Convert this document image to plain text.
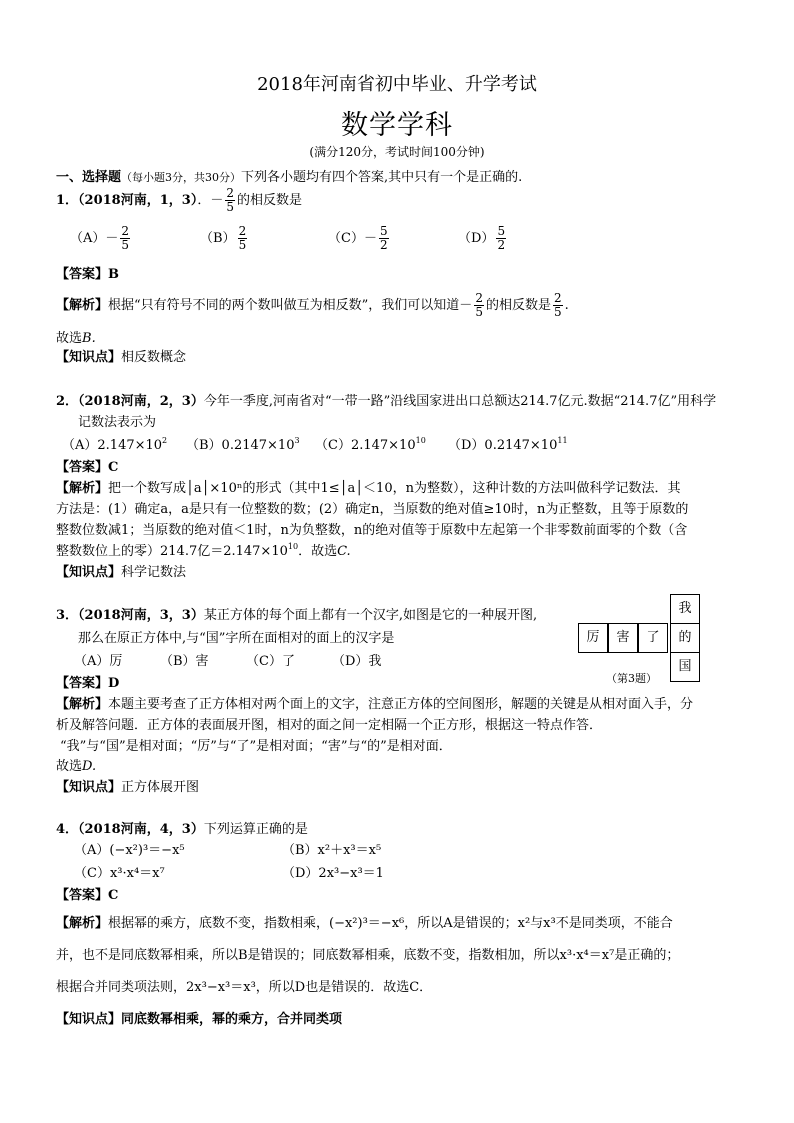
2018年河南省初中毕业、升学考试
数学学科
(满分120分，考试时间100分钟)
一、选择题（每小题3分，共30分）下列各小题均有四个答案,其中只有一个是正确的.
1．（2018河南，1，3）．－ $\frac{2}{5}$ 的相反数是
$(A)- \frac{2}{5}$	$(B) \frac{2}{5}$	$(C)- \frac{5}{2}$	$(D) \frac{5}{2}$
【答案】B
【解析】根据“只有符号不同的两个数叫做互为相反数”，我们可以知道－ $\frac{2}{5}$ 的相反数是 $\frac{2}{5}$ .
故选B.
【知识点】相反数概念
2．（2018河南，2，3）今年一季度,河南省对“一带一路”沿线国家进出口总额达214.7亿元.数据“214.7亿”用科学
记数法表示为
$(A)2.147\times 10^2$ $(B)0.2147\times 10^3$ $(C)2.147\times 10^{10}$ $(D)0.2147\times 10^{11}$
【答案】C
【解析】把一个数写成│a│×10ⁿ的形式（其中1≤│a│＜10，n为整数），这种计数的方法叫做科学记数法．其
方法是：(1）确定a，a是只有一位整数的数；(2）确定n，当原数的绝对值≥10时，n为正整数，且等于原数的
整数位数减1；当原数的绝对值＜1时，n为负整数，n的绝对值等于原数中左起第一个非零数前面零的个数（含
整数数位上的零）214.7亿$=2.147\times 10^{10}$．故选C.
【知识点】科学记数法
3．（2018河南，3，3）某正方体的每个面上都有一个汉字,如图是它的一种展开图,
那么在原正方体中,与“国”字所在面相对的面上的汉字是
（A）厉	（B）害	（C）了	（D）我
我
厉	害	了	的
国
（第3题）
【答案】D
【解析】本题主要考查了正方体相对两个面上的文字，注意正方体的空间图形，解题的关键是从相对面入手，分
析及解答问题．正方体的表面展开图，相对的面之间一定相隔一个正方形，根据这一特点作答．
“我”与“国”是相对面；“厉”与“了”是相对面；“害”与“的”是相对面．
故选D.
【知识点】正方体展开图
4．（2018河南，4，3）下列运算正确的是
（A）(−x²)³＝−x⁵	（B）x²＋x³＝x⁵
（C）x³·x⁴＝x⁷	（D）2x³−x³＝1
【答案】C
【解析】根据幂的乘方，底数不变，指数相乘，(−x²)³＝−x⁶，所以A是错误的；x²与x³不是同类项，不能合
并，也不是同底数幂相乘，所以B是错误的；同底数幂相乘，底数不变，指数相加，所以x³·x⁴＝x⁷是正确的；
根据合并同类项法则，2x³−x³＝x³，所以D也是错误的．故选C．
【知识点】同底数幂相乘，幂的乘方，合并同类项
